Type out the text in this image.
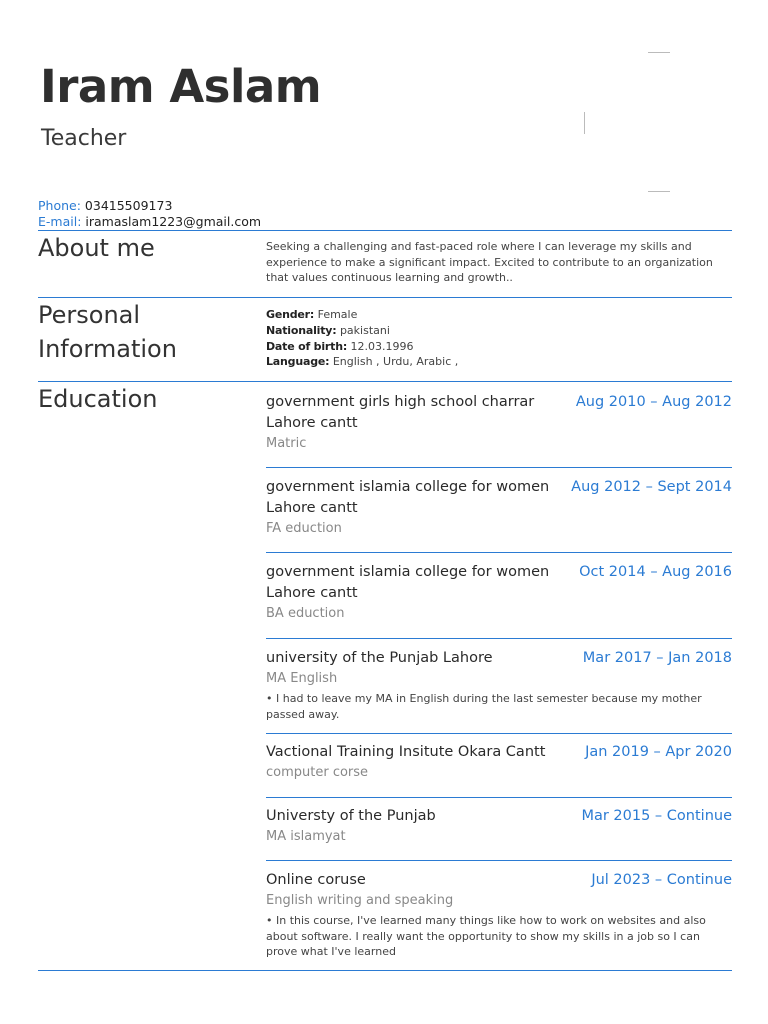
Iram Aslam
Teacher
Phone: 03415509173
E-mail: iramaslam1223@gmail.com
About me	Seeking a challenging and fast-paced role where I can leverage my skills and experience to make a significant impact. Excited to contribute to an organization that values continuous learning and growth..
Personal
Information
Gender: Female
Nationality: pakistani
Date of birth: 12.03.1996
Language: English , Urdu, Arabic ,
Education	government girls high school charrar Lahore cantt
Aug 2010 – Aug 2012
Matric
government islamia college for women Lahore cantt
Aug 2012 – Sept 2014
FA eduction
government islamia college for women Lahore cantt
Oct 2014 – Aug 2016
BA eduction
university of the Punjab Lahore	Mar 2017 – Jan 2018
MA English
• I had to leave my MA in English during the last semester because my mother passed away.
Vactional Training Insitute Okara Cantt	Jan 2019 – Apr 2020
computer corse
Universty of the Punjab	Mar 2015 – Continue
MA islamyat
Online coruse	Jul 2023 – Continue
English writing and speaking
• In this course, I've learned many things like how to work on websites and also about software. I really want the opportunity to show my skills in a job so I can prove what I've learned
